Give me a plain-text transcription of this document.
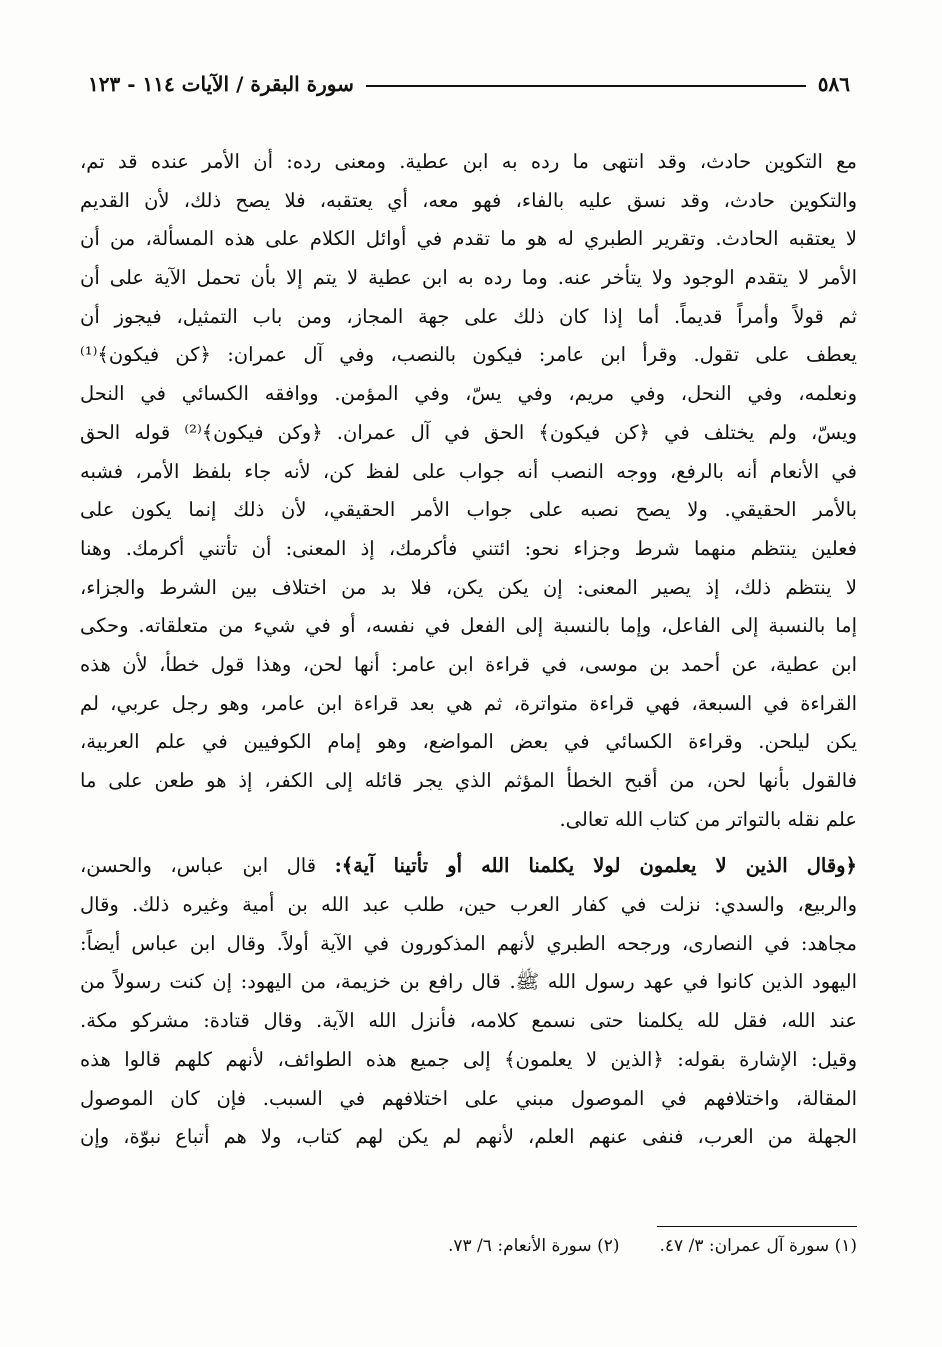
٥٨٦
سورة البقرة / الآيات ١١٤ - ١٢٣
مع التكوين حادث، وقد انتهى ما رده به ابن عطية. ومعنى رده: أن الأمر عنده قد تم،
والتكوين حادث، وقد نسق عليه بالفاء، فهو معه، أي يعتقبه، فلا يصح ذلك، لأن القديم
لا يعتقبه الحادث. وتقرير الطبري له هو ما تقدم في أوائل الكلام على هذه المسألة، من أن
الأمر لا يتقدم الوجود ولا يتأخر عنه. وما رده به ابن عطية لا يتم إلا بأن تحمل الآية على أن
ثم قولاً وأمراً قديماً. أما إذا كان ذلك على جهة المجاز، ومن باب التمثيل، فيجوز أن
يعطف على تقول. وقرأ ابن عامر: فيكون بالنصب، وفي آل عمران: ﴿كن فيكون﴾⁽¹⁾
ونعلمه، وفي النحل، وفي مريم، وفي يسّ، وفي المؤمن. ووافقه الكسائي في النحل
ويسّ، ولم يختلف في ﴿كن فيكون﴾ الحق في آل عمران. ﴿وكن فيكون﴾⁽²⁾ قوله الحق
في الأنعام أنه بالرفع، ووجه النصب أنه جواب على لفظ كن، لأنه جاء بلفظ الأمر، فشبه
بالأمر الحقيقي. ولا يصح نصبه على جواب الأمر الحقيقي، لأن ذلك إنما يكون على
فعلين ينتظم منهما شرط وجزاء نحو: ائتني فأكرمك، إذ المعنى: أن تأتني أكرمك. وهنا
لا ينتظم ذلك، إذ يصير المعنى: إن يكن يكن، فلا بد من اختلاف بين الشرط والجزاء،
إما بالنسبة إلى الفاعل، وإما بالنسبة إلى الفعل في نفسه، أو في شيء من متعلقاته. وحكى
ابن عطية، عن أحمد بن موسى، في قراءة ابن عامر: أنها لحن، وهذا قول خطأ، لأن هذه
القراءة في السبعة، فهي قراءة متواترة، ثم هي بعد قراءة ابن عامر، وهو رجل عربي، لم
يكن ليلحن. وقراءة الكسائي في بعض المواضع، وهو إمام الكوفيين في علم العربية،
فالقول بأنها لحن، من أقبح الخطأ المؤثم الذي يجر قائله إلى الكفر، إذ هو طعن على ما
علم نقله بالتواتر من كتاب الله تعالى.
﴿وقال الذين لا يعلمون لولا يكلمنا الله أو تأتينا آية﴾: قال ابن عباس، والحسن،
والربيع، والسدي: نزلت في كفار العرب حين، طلب عبد الله بن أمية وغيره ذلك. وقال
مجاهد: في النصارى، ورجحه الطبري لأنهم المذكورون في الآية أولاً. وقال ابن عباس أيضاً:
اليهود الذين كانوا في عهد رسول الله ﷺ. قال رافع بن خزيمة، من اليهود: إن كنت رسولاً من
عند الله، فقل لله يكلمنا حتى نسمع كلامه، فأنزل الله الآية. وقال قتادة: مشركو مكة.
وقيل: الإشارة بقوله: ﴿الذين لا يعلمون﴾ إلى جميع هذه الطوائف، لأنهم كلهم قالوا هذه
المقالة، واختلافهم في الموصول مبني على اختلافهم في السبب. فإن كان الموصول
الجهلة من العرب، فنفى عنهم العلم، لأنهم لم يكن لهم كتاب، ولا هم أتباع نبوّة، وإن
(١) سورة آل عمران: ٣/ ٤٧.
(٢) سورة الأنعام: ٦/ ٧٣.
